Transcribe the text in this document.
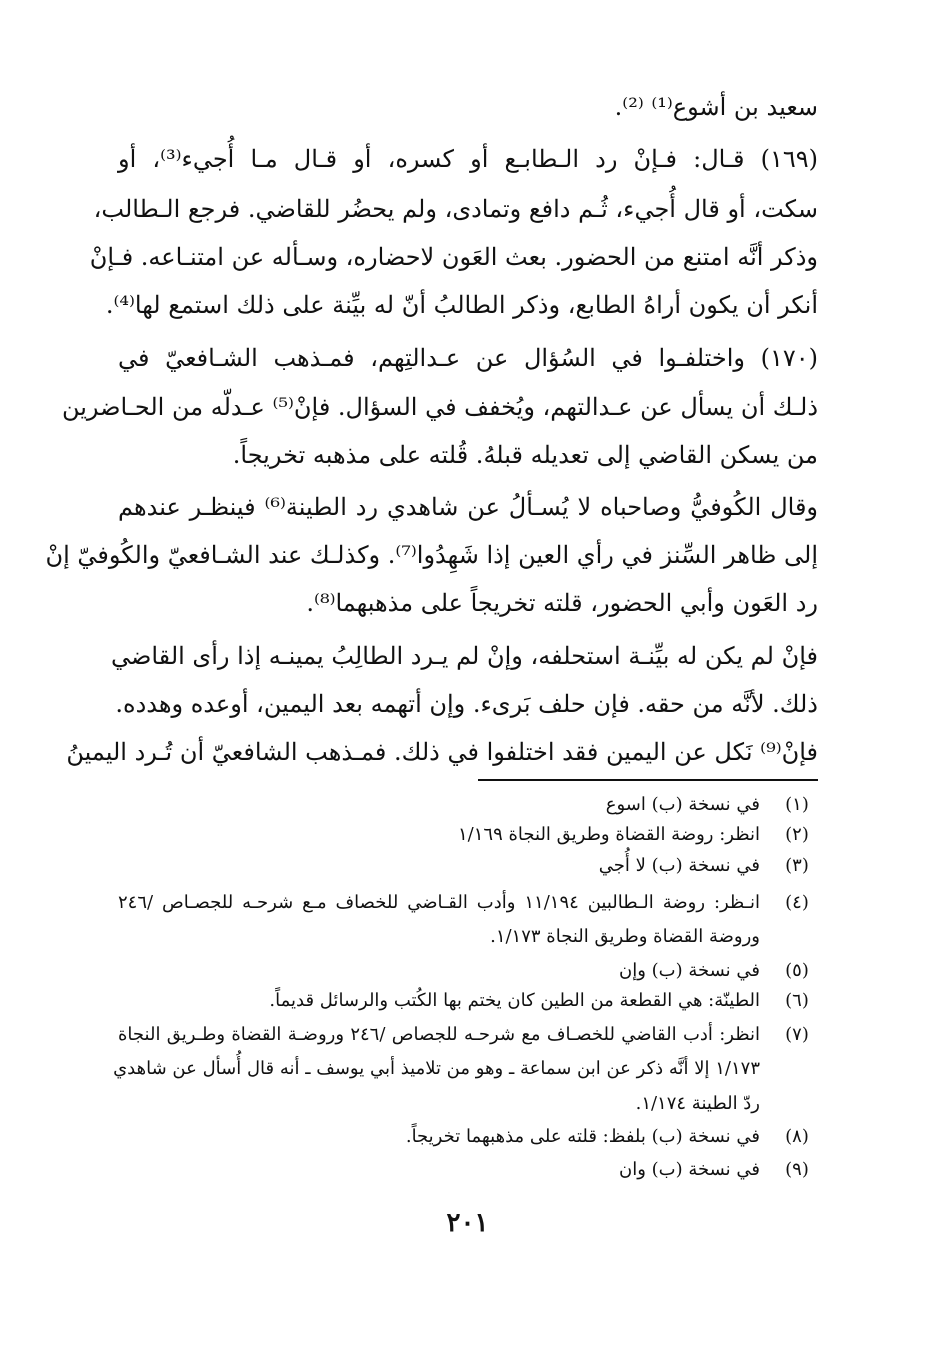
سعيد بن أشوع⁽¹⁾ ⁽²⁾.
(١٦٩) قـال: فـإنْ رد الـطابـع أو كسره، أو قـال مـا أُجيء⁽³⁾، أو
سكت، أو قال أُجيء، ثُـم دافع وتمادى، ولم يحضُر للقاضي. فرجع الـطالب،
وذكر أنَّه امتنع من الحضور. بعث العَون لاحضاره، وسـأله عن امتنـاعه. فـإنْ
أنكر أن يكون أراهُ الطابع، وذكر الطالبُ أنّ له بيِّنة على ذلك استمع لها⁽⁴⁾.
(١٧٠) واختلفـوا في السُؤال عن عـدالتِهم، فمـذهب الشـافعيّ في
ذلـك أن يسأل عن عـدالتهم، ويُخفف في السؤال. فإنْ⁽⁵⁾ عـدلّه من الحـاضرين
من يسكن القاضي إلى تعديله قبلهُ. قُلته على مذهبه تخريجاً.
وقال الكُوفيُّ وصاحباه لا يُسـألُ عن شاهدي رد الطينة⁽⁶⁾ فينظـر عندهم
إلى ظاهر السِّنز في رأي العين إذا شَهِدُوا⁽⁷⁾. وكذلـك عند الشـافعيّ والكُوفيّ إنْ
رد العَون وأبي الحضور، قلته تخريجاً على مذهبهما⁽⁸⁾.
فإنْ لم يكن له بيِّنـة استحلفه، وإنْ لم يـرد الطالِبُ يمينـه إذا رأى القاضي
ذلك. لأنَّه من حقه. فإن حلف بَرىء. وإن أتهمه بعد اليمين، أوعده وهدده.
فإنْ⁽⁹⁾ نَكل عن اليمين فقد اختلفوا في ذلك. فمـذهب الشافعيّ أن تُـرد اليمينُ
(١)
في نسخة (ب) اسوع
(٢)
انظر: روضة القضاة وطريق النجاة ١/١٦٩
(٣)
في نسخة (ب) لا أُجي
(٤)
انـظر: روضة الـطالبين ١١/١٩٤ وأدب القـاضي للخصاف مـع شرحـه للجصـاص /٢٤٦
وروضة القضاة وطريق النجاة ١/١٧٣.
(٥)
في نسخة (ب) وإن
(٦)
الطينّة: هي القطعة من الطين كان يختم بها الكُتب والرسائل قديماً.
(٧)
انظر: أدب القاضي للخصـاف مع شرحـه للجصاص /٢٤٦ وروضـة القضاة وطـريق النجاة
١/١٧٣ إلا أنَّه ذكر عن ابن سماعة ـ وهو من تلاميذ أبي يوسف ـ أنه قال أُسأل عن شاهدي
ردّ الطينة ١/١٧٤.
(٨)
في نسخة (ب) بلفظ: قلته على مذهبهما تخريجاً.
(٩)
في نسخة (ب) وان
٢٠١
